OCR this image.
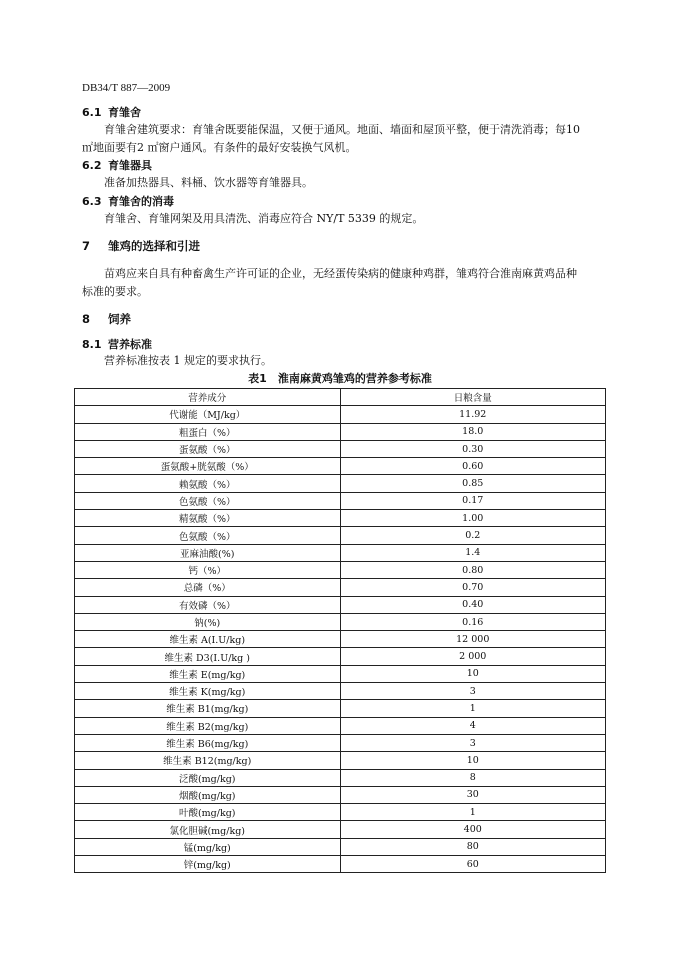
DB34/T 887—2009
6.1 育雏舍
育雏舍建筑要求：育雏舍既要能保温，又便于通风。地面、墙面和屋顶平整，便于清洗消毒；每10
㎡地面要有2 ㎡窗户通风。有条件的最好安装换气风机。
6.2 育雏器具
准备加热器具、料桶、饮水器等育雏器具。
6.3 育雏舍的消毒
育雏舍、育雏网架及用具清洗、消毒应符合 NY/T 5339 的规定。
7 雏鸡的选择和引进
苗鸡应来自具有种畜禽生产许可证的企业，无经蛋传染病的健康种鸡群，雏鸡符合淮南麻黄鸡品种
标准的要求。
8 饲养
8.1 营养标准
营养标准按表 1 规定的要求执行。
表1　淮南麻黄鸡雏鸡的营养参考标准
营养成分	日粮含量
代谢能（MJ/kg）	11.92
粗蛋白（%）	18.0
蛋氨酸（%）	0.30
蛋氨酸+胱氨酸（%）	0.60
赖氨酸（%）	0.85
色氨酸（%）	0.17
精氨酸（%）	1.00
色氨酸（%）	0.2
亚麻油酸(%)	1.4
钙（%）	0.80
总磷（%）	0.70
有效磷（%）	0.40
钠(%)	0.16
维生素 A(I.U/kg)	12 000
维生素 D3(I.U/kg )	2 000
维生素 E(mg/kg)	10
维生素 K(mg/kg)	3
维生素 B1(mg/kg)	1
维生素 B2(mg/kg)	4
维生素 B6(mg/kg)	3
维生素 B12(mg/kg)	10
泛酸(mg/kg)	8
烟酸(mg/kg)	30
叶酸(mg/kg)	1
氯化胆碱(mg/kg)	400
锰(mg/kg)	80
锌(mg/kg)	60
